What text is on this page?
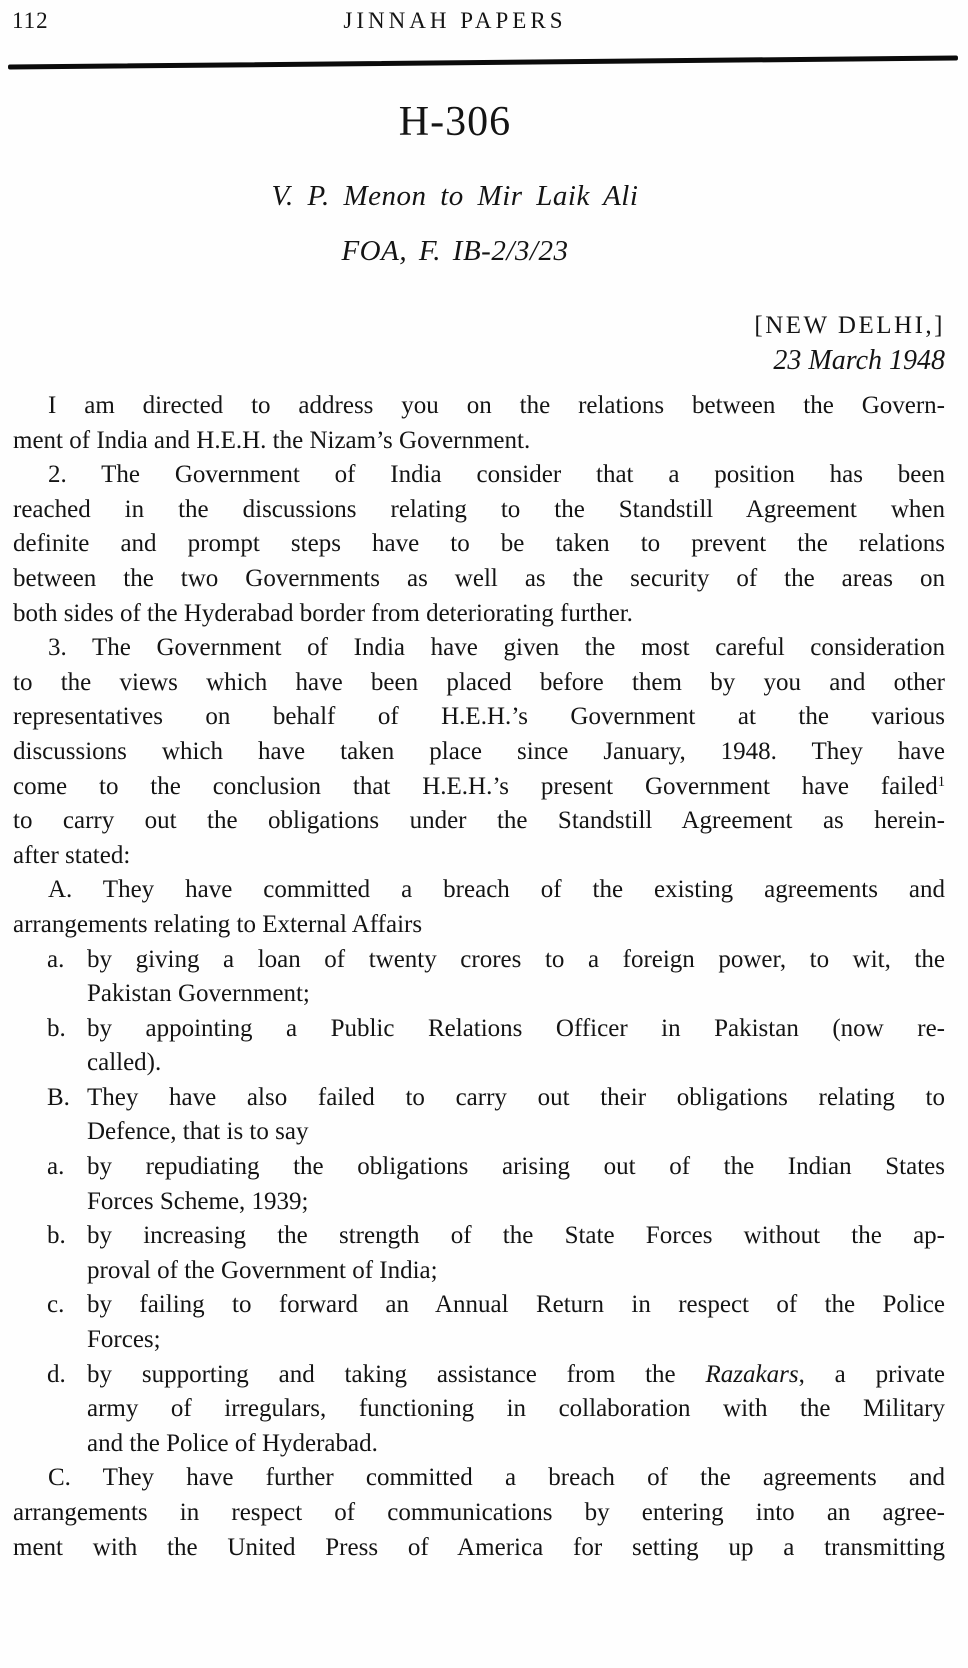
112	JINNAH PAPERS
H-306
V. P. Menon to Mir Laik Ali
FOA, F. IB-2/3/23
[NEW DELHI,]
23 March 1948
I am directed to address you on the relations between the Govern-
ment of India and H.E.H. the Nizam’s Government.
2. The Government of India consider that a position has been
reached in the discussions relating to the Standstill Agreement when
definite and prompt steps have to be taken to prevent the relations
between the two Governments as well as the security of the areas on
both sides of the Hyderabad border from deteriorating further.
3. The Government of India have given the most careful consideration
to the views which have been placed before them by you and other
representatives on behalf of H.E.H.’s Government at the various
discussions which have taken place since January, 1948. They have
come to the conclusion that H.E.H.’s present Government have failed$^1$
to carry out the obligations under the Standstill Agreement as herein-
after stated:
A. They have committed a breach of the existing agreements and
arrangements relating to External Affairs
a. by giving a loan of twenty crores to a foreign power, to wit, the
Pakistan Government;
b. by appointing a Public Relations Officer in Pakistan (now re-
called).
B. They have also failed to carry out their obligations relating to
Defence, that is to say
a. by repudiating the obligations arising out of the Indian States
Forces Scheme, 1939;
b. by increasing the strength of the State Forces without the ap-
proval of the Government of India;
c. by failing to forward an Annual Return in respect of the Police
Forces;
d. by supporting and taking assistance from the Razakars, a private
army of irregulars, functioning in collaboration with the Military
and the Police of Hyderabad.
C. They have further committed a breach of the agreements and
arrangements in respect of communications by entering into an agree-
ment with the United Press of America for setting up a transmitting
